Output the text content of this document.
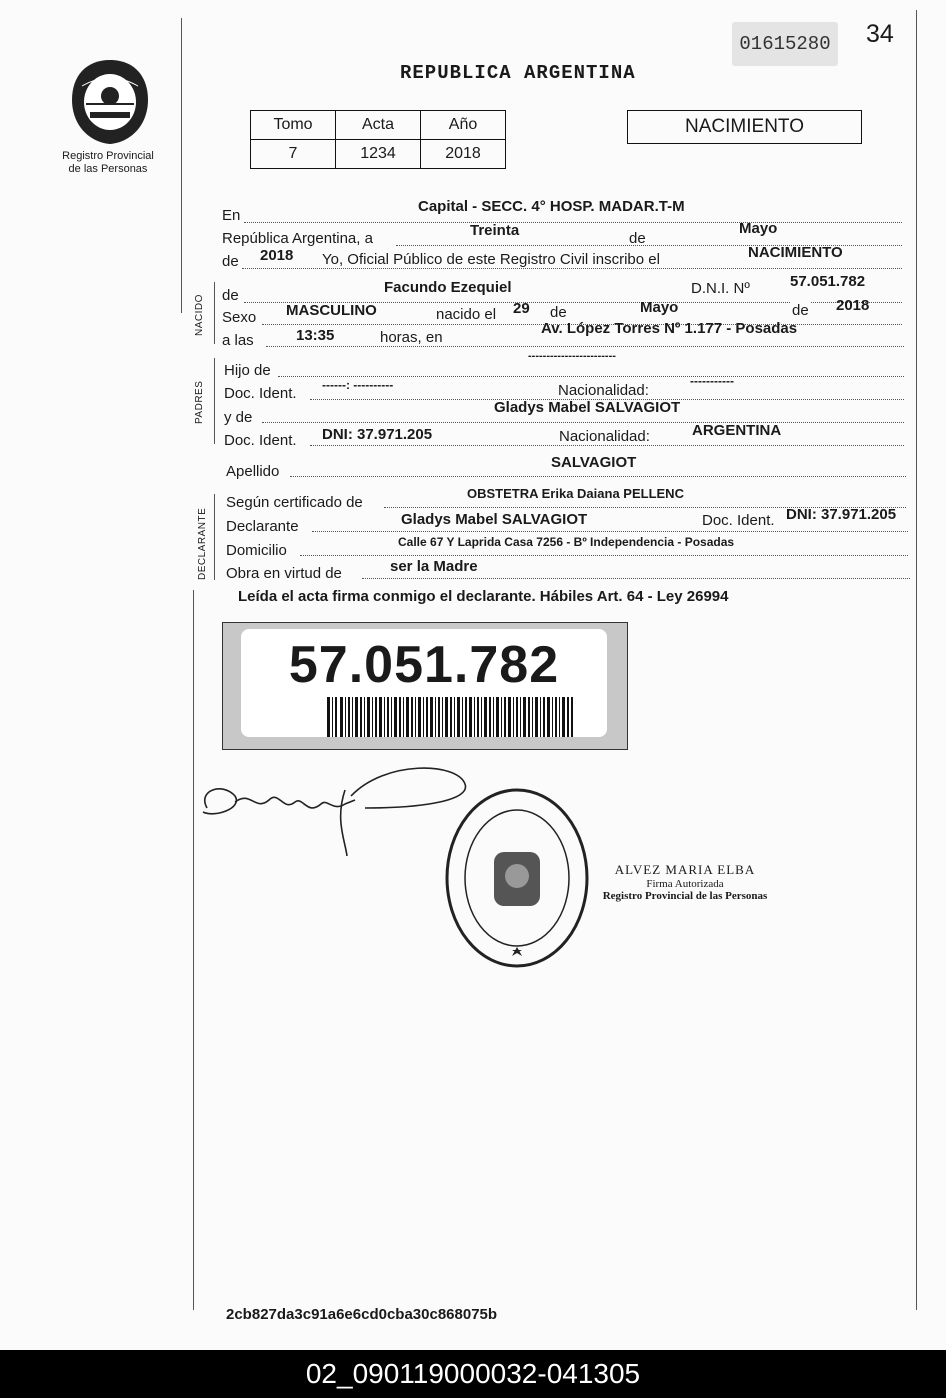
Registro Provincial
de las Personas
REPUBLICA ARGENTINA
01615280 34
Tomo	Acta	Año
7	1234	2018
NACIMIENTO
En
Capital - SECC. 4° HOSP. MADAR.T-M
República Argentina, a	Treinta	de
Mayo
de 2018 Yo, Oficial Público de este Registro Civil inscribo el	NACIMIENTO
NACIDO de	Facundo Ezequiel	D.N.I. Nº	57.051.782
Sexo MASCULINO	nacido el 29 de	Mayo	de 2018
a las	13:35	horas, en
Av. López Torres Nº 1.177 - Posadas
PADRES
------------------------
Hijo de
Doc. Ident. ------: ----------	Nacionalidad:
-----------
y de
Gladys Mabel SALVAGIOT
Doc. Ident. DNI: 37.971.205	Nacionalidad:	ARGENTINA
Apellido
SALVAGIOT
DECLARANTE
Según certificado de
OBSTETRA Erika Daiana PELLENC
Declarante	Gladys Mabel SALVAGIOT	Doc. Ident. DNI: 37.971.205
Domicilio	Calle 67 Y Laprida Casa 7256 - Bº Independencia - Posadas
Obra en virtud de	ser la Madre
Leída el acta firma conmigo el declarante. Hábiles Art. 64 - Ley 26994
57.051.782
ALVEZ MARIA ELBA
Firma Autorizada
Registro Provincial de las Personas
2cb827da3c91a6e6cd0cba30c868075b
02_090119000032-041305
